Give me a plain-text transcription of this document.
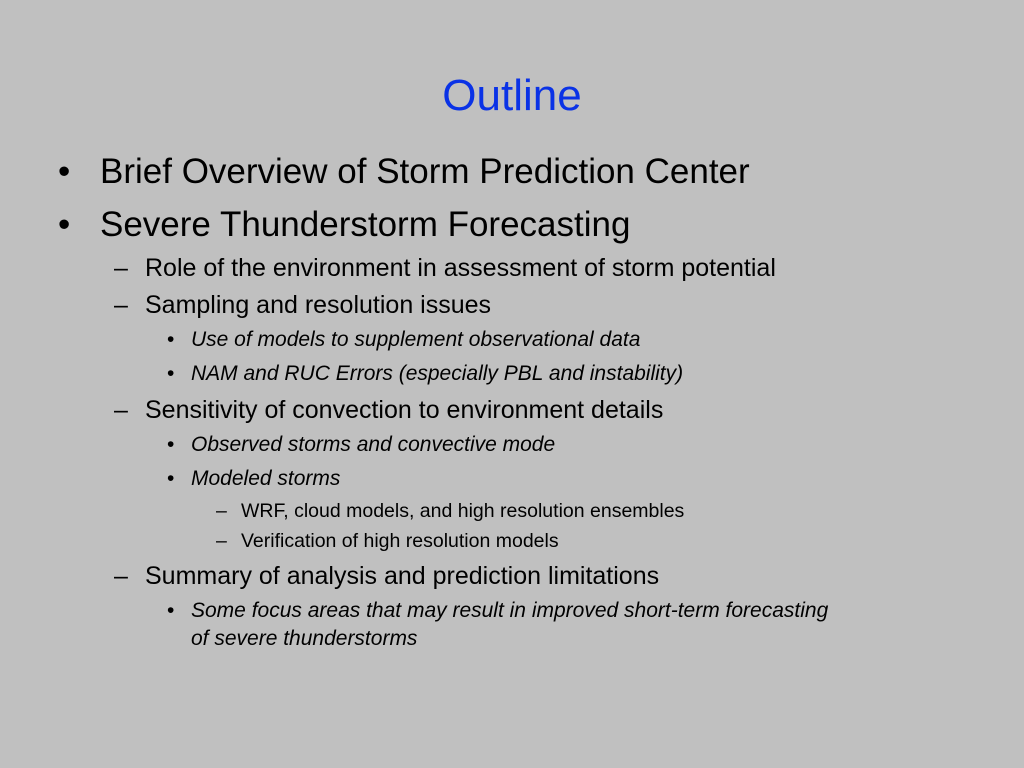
Outline
• Brief Overview of Storm Prediction Center
• Severe Thunderstorm Forecasting
– Role of the environment in assessment of storm potential
– Sampling and resolution issues
• Use of models to supplement observational data
• NAM and RUC Errors (especially PBL and instability)
– Sensitivity of convection to environment details
• Observed storms and convective mode
• Modeled storms
– WRF, cloud models, and high resolution ensembles
– Verification of high resolution models
– Summary of analysis and prediction limitations
• Some focus areas that may result in improved short-term forecasting of severe thunderstorms
